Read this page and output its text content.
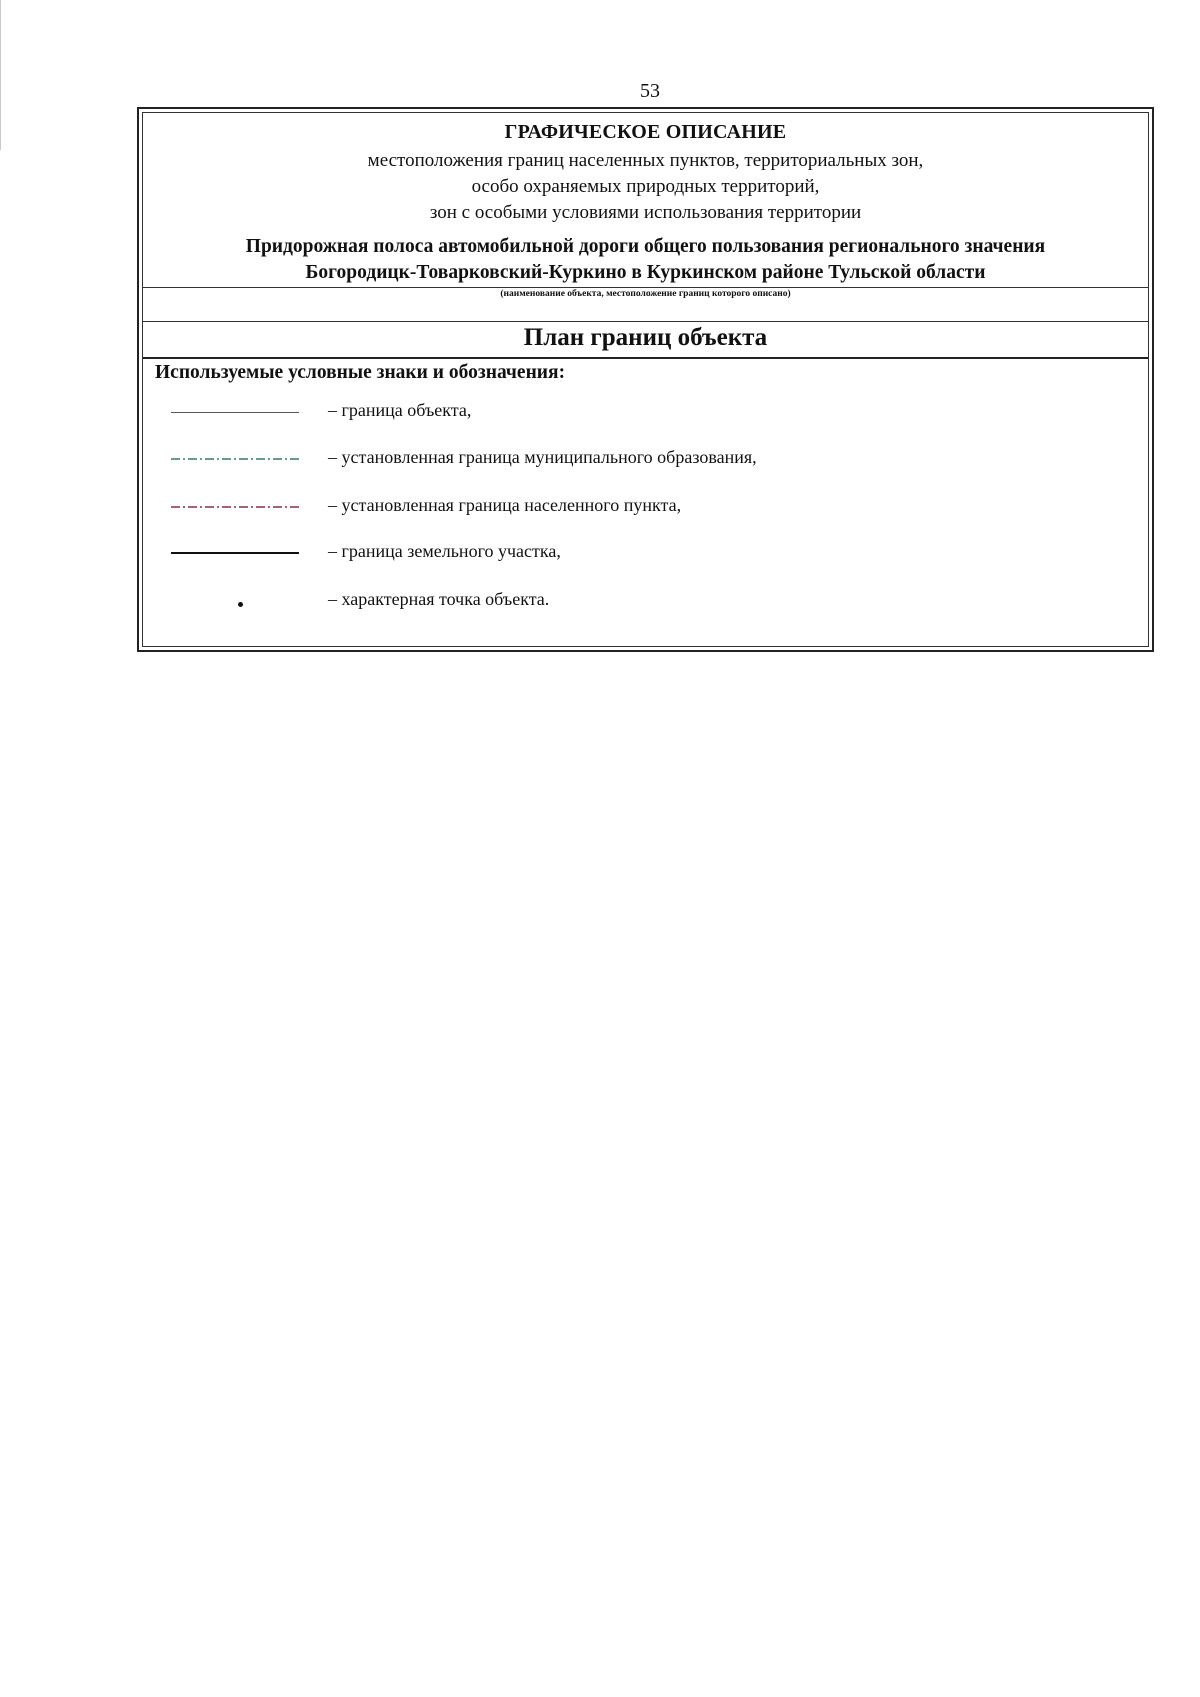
53
ГРАФИЧЕСКОЕ ОПИСАНИЕ
местоположения границ населенных пунктов, территориальных зон,
особо охраняемых природных территорий,
зон с особыми условиями использования территории
Придорожная полоса автомобильной дороги общего пользования регионального значения
Богородицк-Товарковский-Куркино в Куркинском районе Тульской области
(наименование объекта, местоположение границ которого описано)
План границ объекта
Используемые условные знаки и обозначения:
– граница объекта,
– установленная граница муниципального образования,
– установленная граница населенного пункта,
– граница земельного участка,
– характерная точка объекта.
